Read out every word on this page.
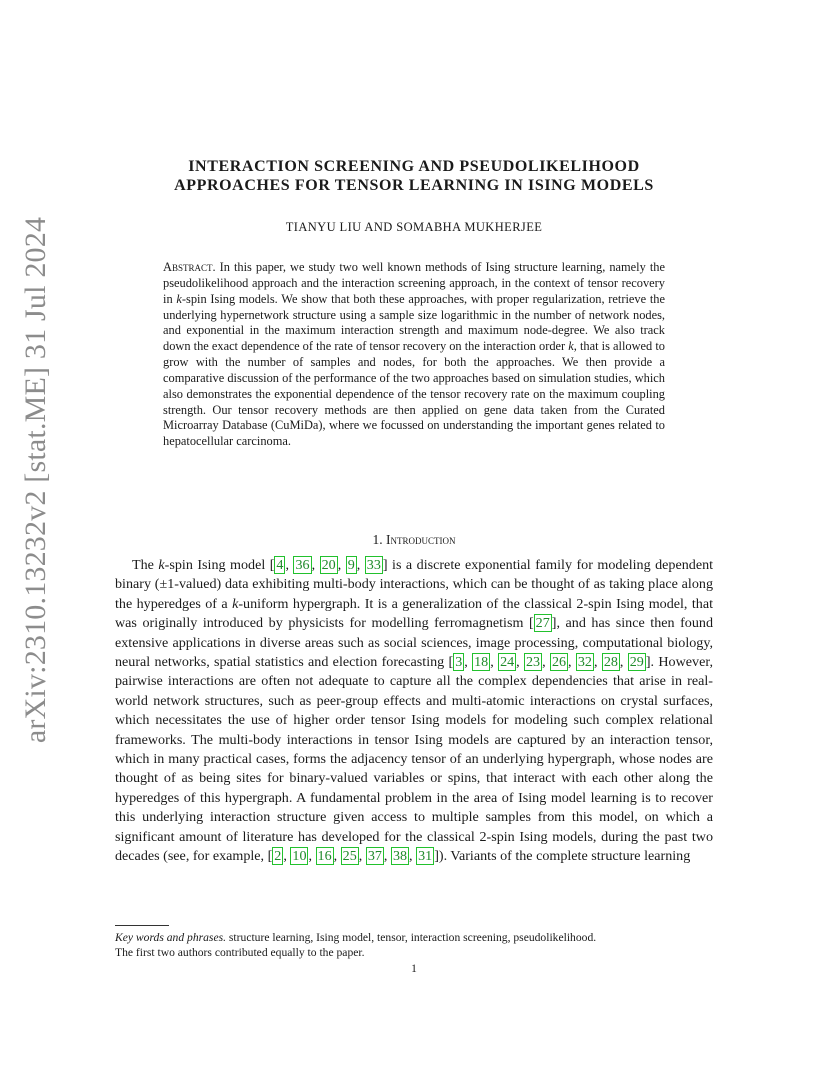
arXiv:2310.13232v2 [stat.ME] 31 Jul 2024
INTERACTION SCREENING AND PSEUDOLIKELIHOOD
APPROACHES FOR TENSOR LEARNING IN ISING MODELS
TIANYU LIU AND SOMABHA MUKHERJEE
Abstract. In this paper, we study two well known methods of Ising structure learning, namely the pseudolikelihood approach and the interaction screening approach, in the context of tensor recovery in k-spin Ising models. We show that both these approaches, with proper regularization, retrieve the underlying hypernetwork structure using a sample size logarithmic in the number of network nodes, and exponential in the maximum interaction strength and maximum node-degree. We also track down the exact dependence of the rate of tensor recovery on the interaction order k, that is allowed to grow with the number of samples and nodes, for both the approaches. We then provide a comparative discussion of the performance of the two approaches based on simulation studies, which also demonstrates the exponential dependence of the tensor recovery rate on the maximum coupling strength. Our tensor recovery methods are then applied on gene data taken from the Curated Microarray Database (CuMiDa), where we focussed on understanding the important genes related to hepatocellular carcinoma.
1. Introduction

The k-spin Ising model [ 4 , 36 , 20 , 9 , 33 ] is a discrete exponential family for modeling dependent binary (±1-valued) data exhibiting multi-body interactions, which can be thought of as taking place along the hyperedges of a k-uniform hypergraph. It is a generalization of the classical 2-spin Ising model, that was originally introduced by physicists for modelling ferromagnetism [ 27 ], and has since then found extensive applications in diverse areas such as social sciences, image processing, computational biology, neural networks, spatial statistics and election forecasting [ 3 , 18 , 24 , 23 , 26 , 32 , 28 , 29 ]. However, pairwise interactions are often not adequate to capture all the complex dependencies that arise in real-world network structures, such as peer-group effects and multi-atomic interactions on crystal surfaces, which necessitates the use of higher order tensor Ising models for modeling such complex relational frameworks. The multi-body interactions in tensor Ising models are captured by an interaction tensor, which in many practical cases, forms the adjacency tensor of an underlying hypergraph, whose nodes are thought of as being sites for binary-valued variables or spins, that interact with each other along the hyperedges of this hypergraph. A fundamental problem in the area of Ising model learning is to recover this underlying interaction structure given access to multiple samples from this model, on which a significant amount of literature has developed for the classical 2-spin Ising models, during the past two decades (see, for example, [ 2 , 10 , 16 , 25 , 37 , 38 , 31 ]). Variants of the complete structure learning

Key words and phrases. structure learning, Ising model, tensor, interaction screening, pseudolikelihood.
The first two authors contributed equally to the paper.
1
